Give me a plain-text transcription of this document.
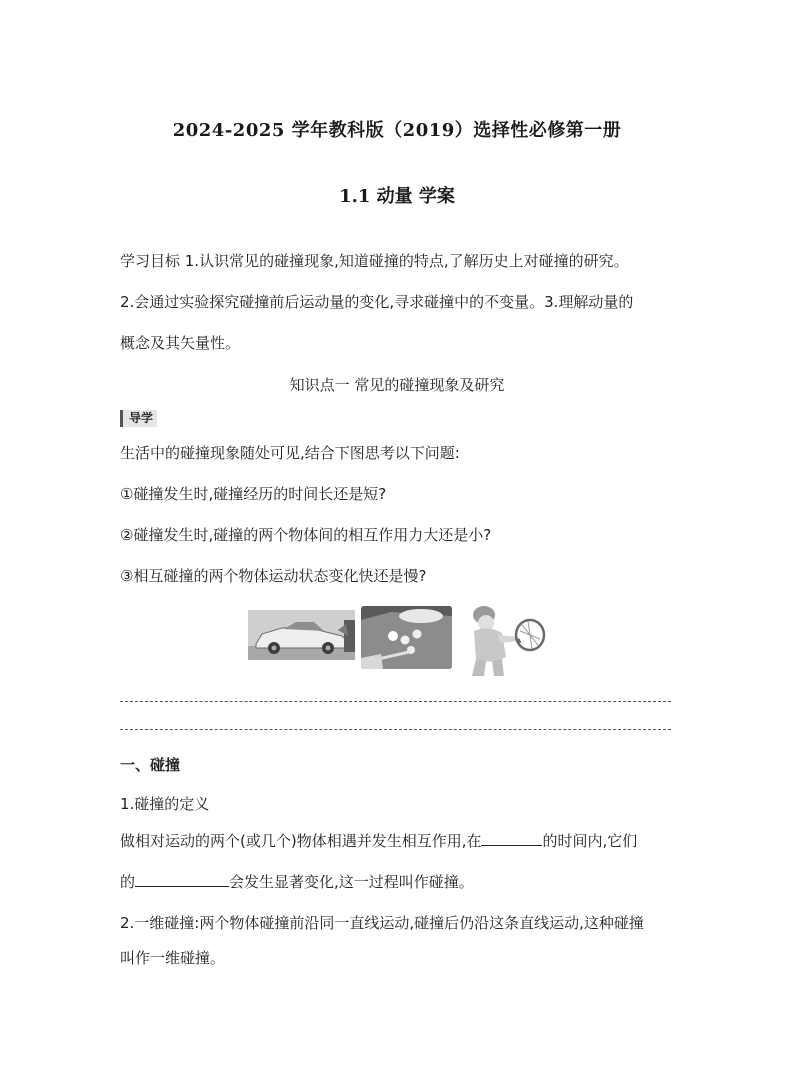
2024-2025 学年教科版（2019）选择性必修第一册
1.1 动量 学案
学习目标 1.认识常见的碰撞现象,知道碰撞的特点,了解历史上对碰撞的研究。
2.会通过实验探究碰撞前后运动量的变化,寻求碰撞中的不变量。3.理解动量的
概念及其矢量性。
知识点一 常见的碰撞现象及研究
导学
生活中的碰撞现象随处可见,结合下图思考以下问题:
①碰撞发生时,碰撞经历的时间长还是短?
②碰撞发生时,碰撞的两个物体间的相互作用力大还是小?
③相互碰撞的两个物体运动状态变化快还是慢?
一、碰撞
1.碰撞的定义
做相对运动的两个(或几个)物体相遇并发生相互作用,在	的时间内,它们
的	会发生显著变化,这一过程叫作碰撞。
2.一维碰撞:两个物体碰撞前沿同一直线运动,碰撞后仍沿这条直线运动,这种碰撞
叫作一维碰撞。
